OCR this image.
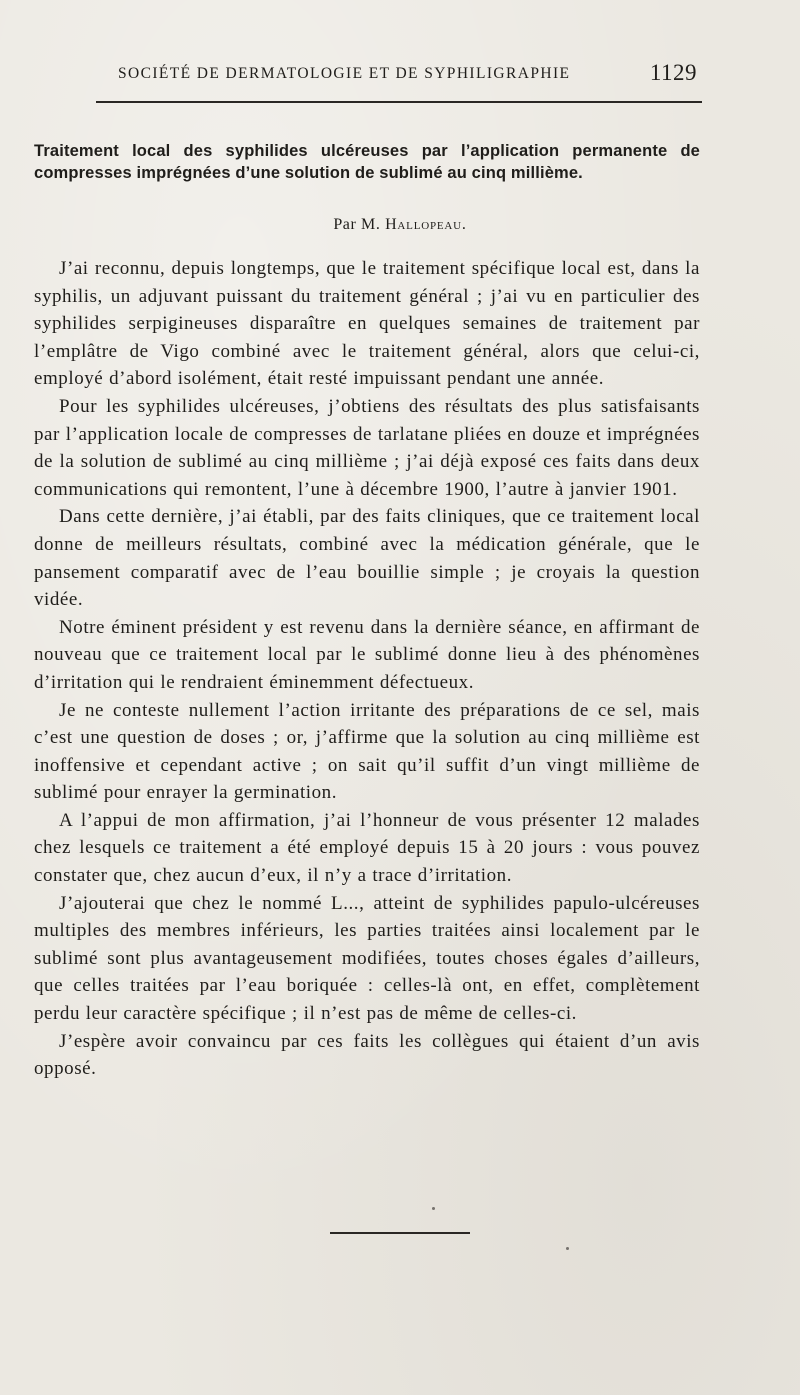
SOCIÉTÉ DE DERMATOLOGIE ET DE SYPHILIGRAPHIE	1129
Traitement local des syphilides ulcéreuses par l’application permanente de compresses imprégnées d’une solution de sublimé au cinq millième.
Par M. Hallopeau.

J’ai reconnu, depuis longtemps, que le traitement spécifique local est, dans la syphilis, un adjuvant puissant du traitement général ; j’ai vu en particulier des syphilides serpigineuses disparaître en quelques semaines de traitement par l’emplâtre de Vigo combiné avec le traitement général, alors que celui-ci, employé d’abord isolément, était resté impuissant pendant une année.

Pour les syphilides ulcéreuses, j’obtiens des résultats des plus satisfaisants par l’application locale de compresses de tarlatane pliées en douze et imprégnées de la solution de sublimé au cinq millième ; j’ai déjà exposé ces faits dans deux communications qui remontent, l’une à décembre 1900, l’autre à janvier 1901.

Dans cette dernière, j’ai établi, par des faits cliniques, que ce traitement local donne de meilleurs résultats, combiné avec la médication générale, que le pansement comparatif avec de l’eau bouillie simple ; je croyais la question vidée.

Notre éminent président y est revenu dans la dernière séance, en affirmant de nouveau que ce traitement local par le sublimé donne lieu à des phénomènes d’irritation qui le rendraient éminemment défectueux.

Je ne conteste nullement l’action irritante des préparations de ce sel, mais c’est une question de doses ; or, j’affirme que la solution au cinq millième est inoffensive et cependant active ; on sait qu’il suffit d’un vingt millième de sublimé pour enrayer la germination.

A l’appui de mon affirmation, j’ai l’honneur de vous présenter 12 malades chez lesquels ce traitement a été employé depuis 15 à 20 jours : vous pouvez constater que, chez aucun d’eux, il n’y a trace d’irritation.

J’ajouterai que chez le nommé L..., atteint de syphilides papulo-ulcéreuses multiples des membres inférieurs, les parties traitées ainsi localement par le sublimé sont plus avantageusement modifiées, toutes choses égales d’ailleurs, que celles traitées par l’eau boriquée : celles-là ont, en effet, complètement perdu leur caractère spécifique ; il n’est pas de même de celles-ci.

J’espère avoir convaincu par ces faits les collègues qui étaient d’un avis opposé.
